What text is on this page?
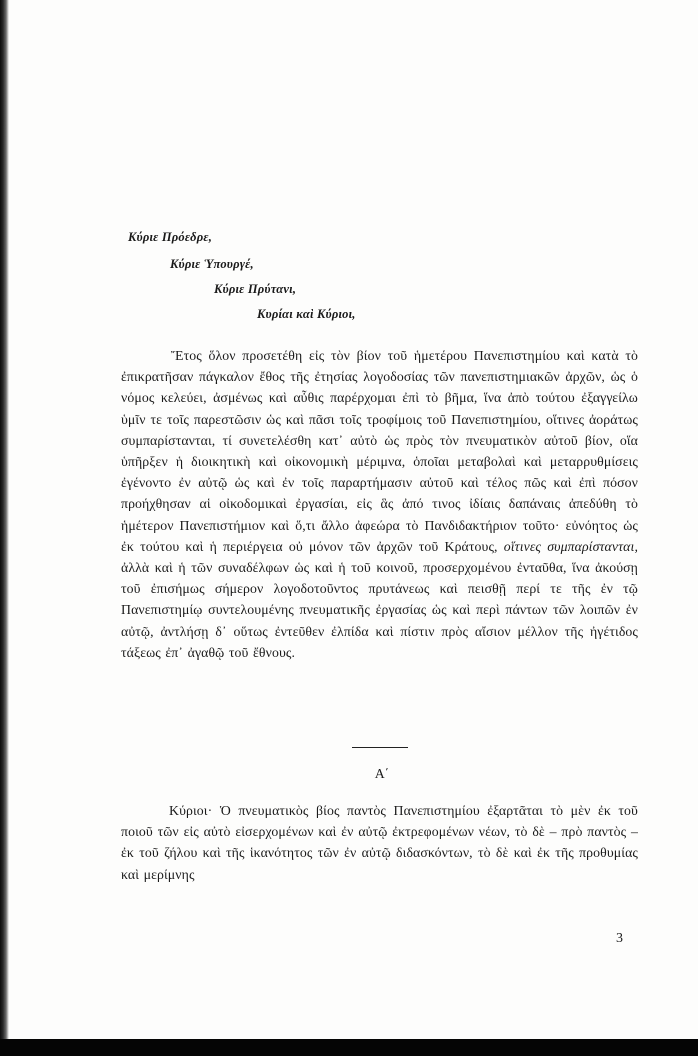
Κύριε Πρόεδρε,
Κύριε Ὑπουργέ,
Κύριε Πρύτανι,
Κυρίαι καὶ Κύριοι,
Ἔτος ὅλον προσετέθη εἰς τὸν βίον τοῦ ἡμετέρου Πανεπιστημίου καὶ κατὰ τὸ ἐπικρατῆσαν πάγκαλον ἔθος τῆς ἐτησίας λογοδοσίας τῶν πανεπιστημιακῶν ἀρχῶν, ὡς ὁ νόμος κελεύει, ἀσμένως καὶ αὖθις παρέρχομαι ἐπὶ τὸ βῆμα, ἵνα ἀπὸ τούτου ἐξαγγείλω ὑμῖν τε τοῖς παρεστῶσιν ὡς καὶ πᾶσι τοῖς τροφίμοις τοῦ Πανεπιστημίου, οἵτινες ἀοράτως συμπαρίστανται, τί συνετελέσθη κατ᾽ αὐτὸ ὡς πρὸς τὸν πνευματικὸν αὐτοῦ βίον, οἵα ὑπῆρξεν ἡ διοικητικὴ καὶ οἰκονομικὴ μέριμνα, ὁποῖαι μεταβολαὶ καὶ μεταρρυθμίσεις ἐγένοντο ἐν αὐτῷ ὡς καὶ ἐν τοῖς παραρτήμασιν αὐτοῦ καὶ τέλος πῶς καὶ ἐπὶ πόσον προήχθησαν αἱ οἰκοδομικαὶ ἐργασίαι, εἰς ἃς ἀπό τινος ἰδίαις δαπάναις ἀπεδύθη τὸ ἡμέτερον Πανεπιστήμιον καὶ ὅ,τι ἄλλο ἀφεώρα τὸ Πανδιδακτήριον τοῦτο· εὐνόητος ὡς ἐκ τούτου καὶ ἡ περιέργεια οὐ μόνον τῶν ἀρχῶν τοῦ Κράτους, οἵτινες συμπαρίστανται, ἀλλὰ καὶ ἡ τῶν συναδέλφων ὡς καὶ ἡ τοῦ κοινοῦ, προσερχομένου ἐνταῦθα, ἵνα ἀκούσῃ τοῦ ἐπισήμως σήμερον λογοδοτοῦντος πρυτάνεως καὶ πεισθῇ περί τε τῆς ἐν τῷ Πανεπιστημίῳ συντελουμένης πνευματικῆς ἐργασίας ὡς καὶ περὶ πάντων τῶν λοιπῶν ἐν αὐτῷ, ἀντλήσῃ δ᾽ οὕτως ἐντεῦθεν ἐλπίδα καὶ πίστιν πρὸς αἴσιον μέλλον τῆς ἠγέτιδος τάξεως ἐπ᾽ ἀγαθῷ τοῦ ἔθνους.
Α΄
Κύριοι· Ὁ πνευματικὸς βίος παντὸς Πανεπιστημίου ἐξαρτᾶται τὸ μὲν ἐκ τοῦ ποιοῦ τῶν εἰς αὐτὸ εἰσερχομένων καὶ ἐν αὐτῷ ἐκτρεφομένων νέων, τὸ δὲ – πρὸ παντὸς – ἐκ τοῦ ζήλου καὶ τῆς ἱκανότητος τῶν ἐν αὐτῷ διδασκόντων, τὸ δὲ καὶ ἐκ τῆς προθυμίας καὶ μερίμνης
3
